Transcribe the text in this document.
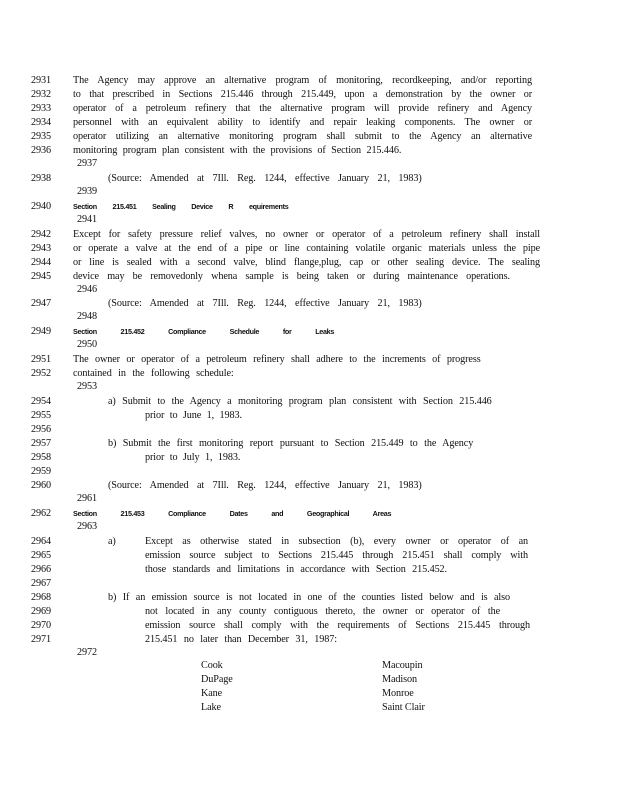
2931 The Agency may approve an alternative program of monitoring, recordkeeping, and/or reporting
2932 to that prescribed in Sections 215.446 through 215.449, upon a demonstration by the owner or
2933 operator of a petroleum refinery that the alternative program will provide refinery and Agency
2934 personnel with an equivalent ability to identify and repair leaking components. The owner or
2935 operator utilizing an alternative monitoring program shall submit to the Agency an alternative
2936 monitoring program plan consistent with the provisions of Section 215.446.
2937
2938	(Source: Amended at 7Ill. Reg. 1244, effective January 21, 1983)
2939
2940	Section 215.451 Sealing Device R equirements
2941
2942 Except for safety pressure relief valves, no owner or operator of a petroleum refinery shall install
2943 or operate a valve at the end of a pipe or line containing volatile organic materials unless the pipe
2944 or line is sealed with a second valve, blind flange,plug, cap or other sealing device. The sealing
2945 device may be removedonly whena sample is being taken or during maintenance operations.
2946
2947	(Source: Amended at 7Ill. Reg. 1244, effective January 21, 1983)
2948
2949	Section 215.452 Compliance Schedule for Leaks
2950
2951 The owner or operator of a petroleum refinery shall adhere to the increments of progress
2952 contained in the following schedule:
2953
2954	a) Submit to the Agency a monitoring program plan consistent with Section 215.446
2955	prior to June 1, 1983.
2956
2957	b) Submit the first monitoring report pursuant to Section 215.449 to the Agency
2958	prior to July 1, 1983.
2959
2960	(Source: Amended at 7Ill. Reg. 1244, effective January 21, 1983)
2961
2962	Section 215.453 Compliance Dates and Geographical Areas
2963
2964	a)	Except as otherwise stated in subsection (b), every owner or operator of an
2965	emission source subject to Sections 215.445 through 215.451 shall comply with
2966	those standards and limitations in accordance with Section 215.452.
2967
2968	b) If an emission source is not located in one of the counties listed below and is also
2969	not located in any county contiguous thereto, the owner or operator of the
2970	emission source shall comply with the requirements of Sections 215.445 through
2971	215.451 no later than December 31, 1987:
2972
Cook	Macoupin
DuPage	Madison
Kane	Monroe
Lake	Saint Clair
